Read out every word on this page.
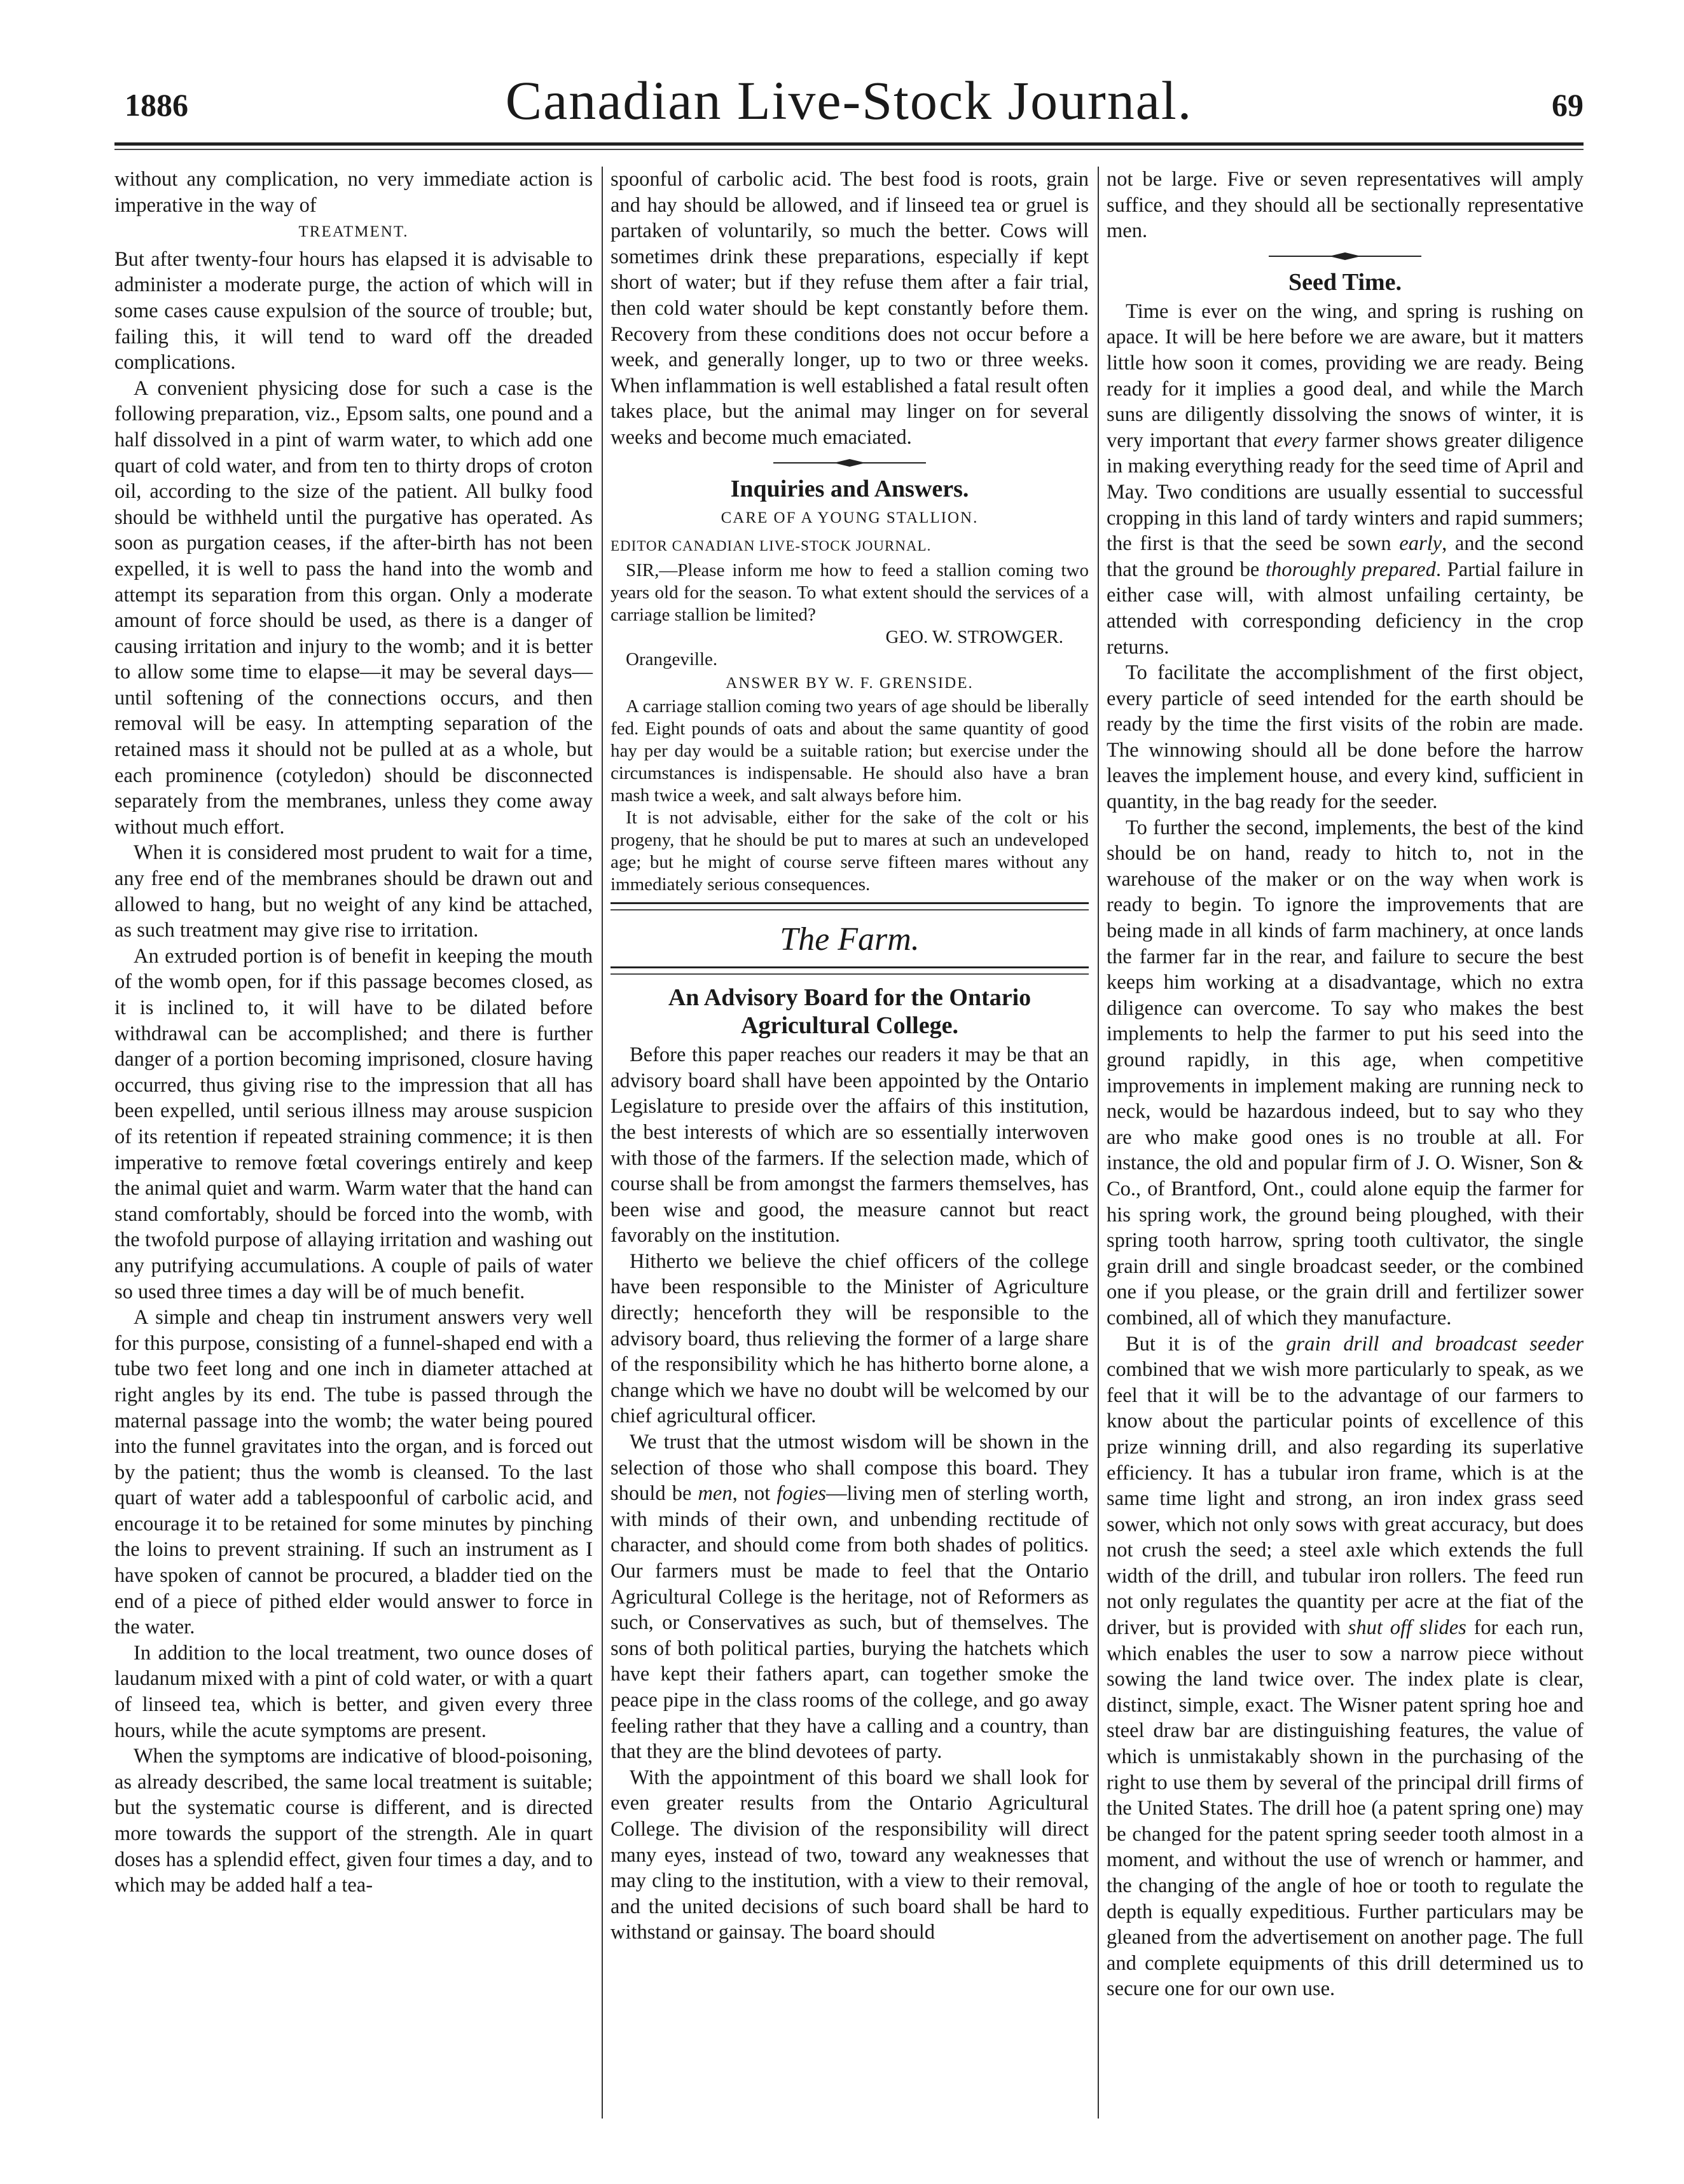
1886	Canadian Live-Stock Journal.	69

without any complication, no very immediate action is imperative in the way of

TREATMENT.

But after twenty-four hours has elapsed it is advisable to administer a moderate purge, the action of which will in some cases cause expulsion of the source of trouble; but, failing this, it will tend to ward off the dreaded complications.

A convenient physicing dose for such a case is the following preparation, viz., Epsom salts, one pound and a half dissolved in a pint of warm water, to which add one quart of cold water, and from ten to thirty drops of croton oil, according to the size of the patient. All bulky food should be withheld until the purgative has operated. As soon as purgation ceases, if the after-birth has not been expelled, it is well to pass the hand into the womb and attempt its separation from this organ. Only a moderate amount of force should be used, as there is a danger of causing irritation and injury to the womb; and it is better to allow some time to elapse—it may be several days—until softening of the connections occurs, and then removal will be easy. In attempting separation of the retained mass it should not be pulled at as a whole, but each prominence (cotyledon) should be disconnected separately from the membranes, unless they come away without much effort.

When it is considered most prudent to wait for a time, any free end of the membranes should be drawn out and allowed to hang, but no weight of any kind be attached, as such treatment may give rise to irritation.

An extruded portion is of benefit in keeping the mouth of the womb open, for if this passage becomes closed, as it is inclined to, it will have to be dilated before withdrawal can be accomplished; and there is further danger of a portion becoming imprisoned, closure having occurred, thus giving rise to the impression that all has been expelled, until serious illness may arouse suspicion of its retention if repeated straining commence; it is then imperative to remove fœtal coverings entirely and keep the animal quiet and warm. Warm water that the hand can stand comfortably, should be forced into the womb, with the twofold purpose of allaying irritation and washing out any putrifying accumulations. A couple of pails of water so used three times a day will be of much benefit.

A simple and cheap tin instrument answers very well for this purpose, consisting of a funnel-shaped end with a tube two feet long and one inch in diameter attached at right angles by its end. The tube is passed through the maternal passage into the womb; the water being poured into the funnel gravitates into the organ, and is forced out by the patient; thus the womb is cleansed. To the last quart of water add a tablespoonful of carbolic acid, and encourage it to be retained for some minutes by pinching the loins to prevent straining. If such an instrument as I have spoken of cannot be procured, a bladder tied on the end of a piece of pithed elder would answer to force in the water.

In addition to the local treatment, two ounce doses of laudanum mixed with a pint of cold water, or with a quart of linseed tea, which is better, and given every three hours, while the acute symptoms are present.

When the symptoms are indicative of blood-poisoning, as already described, the same local treatment is suitable; but the systematic course is different, and is directed more towards the support of the strength. Ale in quart doses has a splendid effect, given four times a day, and to which may be added half a tea-

spoonful of carbolic acid. The best food is roots, grain and hay should be allowed, and if linseed tea or gruel is partaken of voluntarily, so much the better. Cows will sometimes drink these preparations, especially if kept short of water; but if they refuse them after a fair trial, then cold water should be kept constantly before them. Recovery from these conditions does not occur before a week, and generally longer, up to two or three weeks. When inflammation is well established a fatal result often takes place, but the animal may linger on for several weeks and become much emaciated.

Inquiries and Answers.
CARE OF A YOUNG STALLION.
EDITOR CANADIAN LIVE-STOCK JOURNAL.

SIR,—Please inform me how to feed a stallion coming two years old for the season. To what extent should the services of a carriage stallion be limited?

GEO. W. STROWGER.

Orangeville.

ANSWER BY W. F. GRENSIDE.

A carriage stallion coming two years of age should be liberally fed. Eight pounds of oats and about the same quantity of good hay per day would be a suitable ration; but exercise under the circumstances is indispensable. He should also have a bran mash twice a week, and salt always before him.

It is not advisable, either for the sake of the colt or his progeny, that he should be put to mares at such an undeveloped age; but he might of course serve fifteen mares without any immediately serious consequences.

The Farm.
An Advisory Board for the Ontario Agricultural College.

Before this paper reaches our readers it may be that an advisory board shall have been appointed by the Ontario Legislature to preside over the affairs of this institution, the best interests of which are so essentially interwoven with those of the farmers. If the selection made, which of course shall be from amongst the farmers themselves, has been wise and good, the measure cannot but react favorably on the institution.

Hitherto we believe the chief officers of the college have been responsible to the Minister of Agriculture directly; henceforth they will be responsible to the advisory board, thus relieving the former of a large share of the responsibility which he has hitherto borne alone, a change which we have no doubt will be welcomed by our chief agricultural officer.

We trust that the utmost wisdom will be shown in the selection of those who shall compose this board. They should be men, not fogies—living men of sterling worth, with minds of their own, and unbending rectitude of character, and should come from both shades of politics. Our farmers must be made to feel that the Ontario Agricultural College is the heritage, not of Reformers as such, or Conservatives as such, but of themselves. The sons of both political parties, burying the hatchets which have kept their fathers apart, can together smoke the peace pipe in the class rooms of the college, and go away feeling rather that they have a calling and a country, than that they are the blind devotees of party.

With the appointment of this board we shall look for even greater results from the Ontario Agricultural College. The division of the responsibility will direct many eyes, instead of two, toward any weaknesses that may cling to the institution, with a view to their removal, and the united decisions of such board shall be hard to withstand or gainsay. The board should

not be large. Five or seven representatives will amply suffice, and they should all be sectionally representative men.

Seed Time.

Time is ever on the wing, and spring is rushing on apace. It will be here before we are aware, but it matters little how soon it comes, providing we are ready. Being ready for it implies a good deal, and while the March suns are diligently dissolving the snows of winter, it is very important that every farmer shows greater diligence in making everything ready for the seed time of April and May. Two conditions are usually essential to successful cropping in this land of tardy winters and rapid summers; the first is that the seed be sown early, and the second that the ground be thoroughly prepared. Partial failure in either case will, with almost unfailing certainty, be attended with corresponding deficiency in the crop returns.

To facilitate the accomplishment of the first object, every particle of seed intended for the earth should be ready by the time the first visits of the robin are made. The winnowing should all be done before the harrow leaves the implement house, and every kind, sufficient in quantity, in the bag ready for the seeder.

To further the second, implements, the best of the kind should be on hand, ready to hitch to, not in the warehouse of the maker or on the way when work is ready to begin. To ignore the improvements that are being made in all kinds of farm machinery, at once lands the farmer far in the rear, and failure to secure the best keeps him working at a disadvantage, which no extra diligence can overcome. To say who makes the best implements to help the farmer to put his seed into the ground rapidly, in this age, when competitive improvements in implement making are running neck to neck, would be hazardous indeed, but to say who they are who make good ones is no trouble at all. For instance, the old and popular firm of J. O. Wisner, Son & Co., of Brantford, Ont., could alone equip the farmer for his spring work, the ground being ploughed, with their spring tooth harrow, spring tooth cultivator, the single grain drill and single broadcast seeder, or the combined one if you please, or the grain drill and fertilizer sower combined, all of which they manufacture.

But it is of the grain drill and broadcast seeder combined that we wish more particularly to speak, as we feel that it will be to the advantage of our farmers to know about the particular points of excellence of this prize winning drill, and also regarding its superlative efficiency. It has a tubular iron frame, which is at the same time light and strong, an iron index grass seed sower, which not only sows with great accuracy, but does not crush the seed; a steel axle which extends the full width of the drill, and tubular iron rollers. The feed run not only regulates the quantity per acre at the fiat of the driver, but is provided with shut off slides for each run, which enables the user to sow a narrow piece without sowing the land twice over. The index plate is clear, distinct, simple, exact. The Wisner patent spring hoe and steel draw bar are distinguishing features, the value of which is unmistakably shown in the purchasing of the right to use them by several of the principal drill firms of the United States. The drill hoe (a patent spring one) may be changed for the patent spring seeder tooth almost in a moment, and without the use of wrench or hammer, and the changing of the angle of hoe or tooth to regulate the depth is equally expeditious. Further particulars may be gleaned from the advertisement on another page. The full and complete equipments of this drill determined us to secure one for our own use.
